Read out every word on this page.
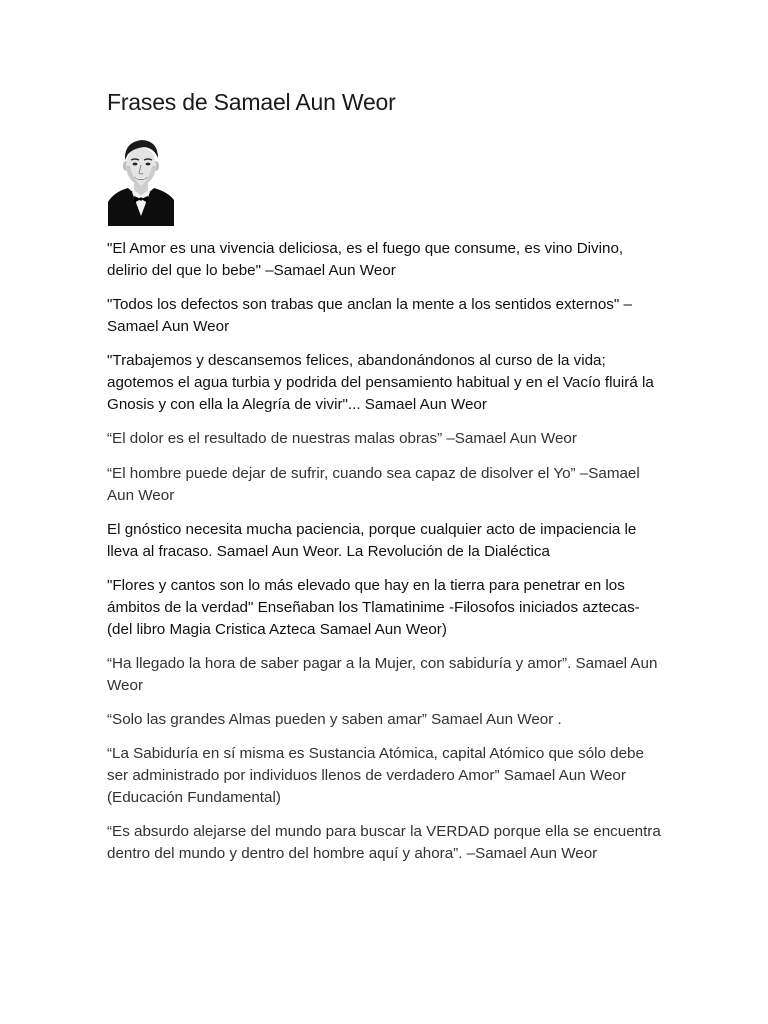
Frases de Samael Aun Weor

"El Amor es una vivencia deliciosa, es el fuego que consume, es vino Divino, delirio del que lo bebe" –Samael Aun Weor

"Todos los defectos son trabas que anclan la mente a los sentidos externos" –Samael Aun Weor

"Trabajemos y descansemos felices, abandonándonos al curso de la vida; agotemos el agua turbia y podrida del pensamiento habitual y en el Vacío fluirá la Gnosis y con ella la Alegría de vivir"... Samael Aun Weor

“El dolor es el resultado de nuestras malas obras” –Samael Aun Weor

“El hombre puede dejar de sufrir, cuando sea capaz de disolver el Yo” –Samael Aun Weor

El gnóstico necesita mucha paciencia, porque cualquier acto de impaciencia le lleva al fracaso. Samael Aun Weor. La Revolución de la Dialéctica

"Flores y cantos son lo más elevado que hay en la tierra para penetrar en los ámbitos de la verdad" Enseñaban los Tlamatinime -Filosofos iniciados aztecas- (del libro Magia Cristica Azteca Samael Aun Weor)

“Ha llegado la hora de saber pagar a la Mujer, con sabiduría y amor”. Samael Aun Weor

“Solo las grandes Almas pueden y saben amar” Samael Aun Weor .

“La Sabiduría en sí misma es Sustancia Atómica, capital Atómico que sólo debe ser administrado por individuos llenos de verdadero Amor” Samael Aun Weor (Educación Fundamental)

“Es absurdo alejarse del mundo para buscar la VERDAD porque ella se encuentra dentro del mundo y dentro del hombre aquí y ahora”. –Samael Aun Weor
